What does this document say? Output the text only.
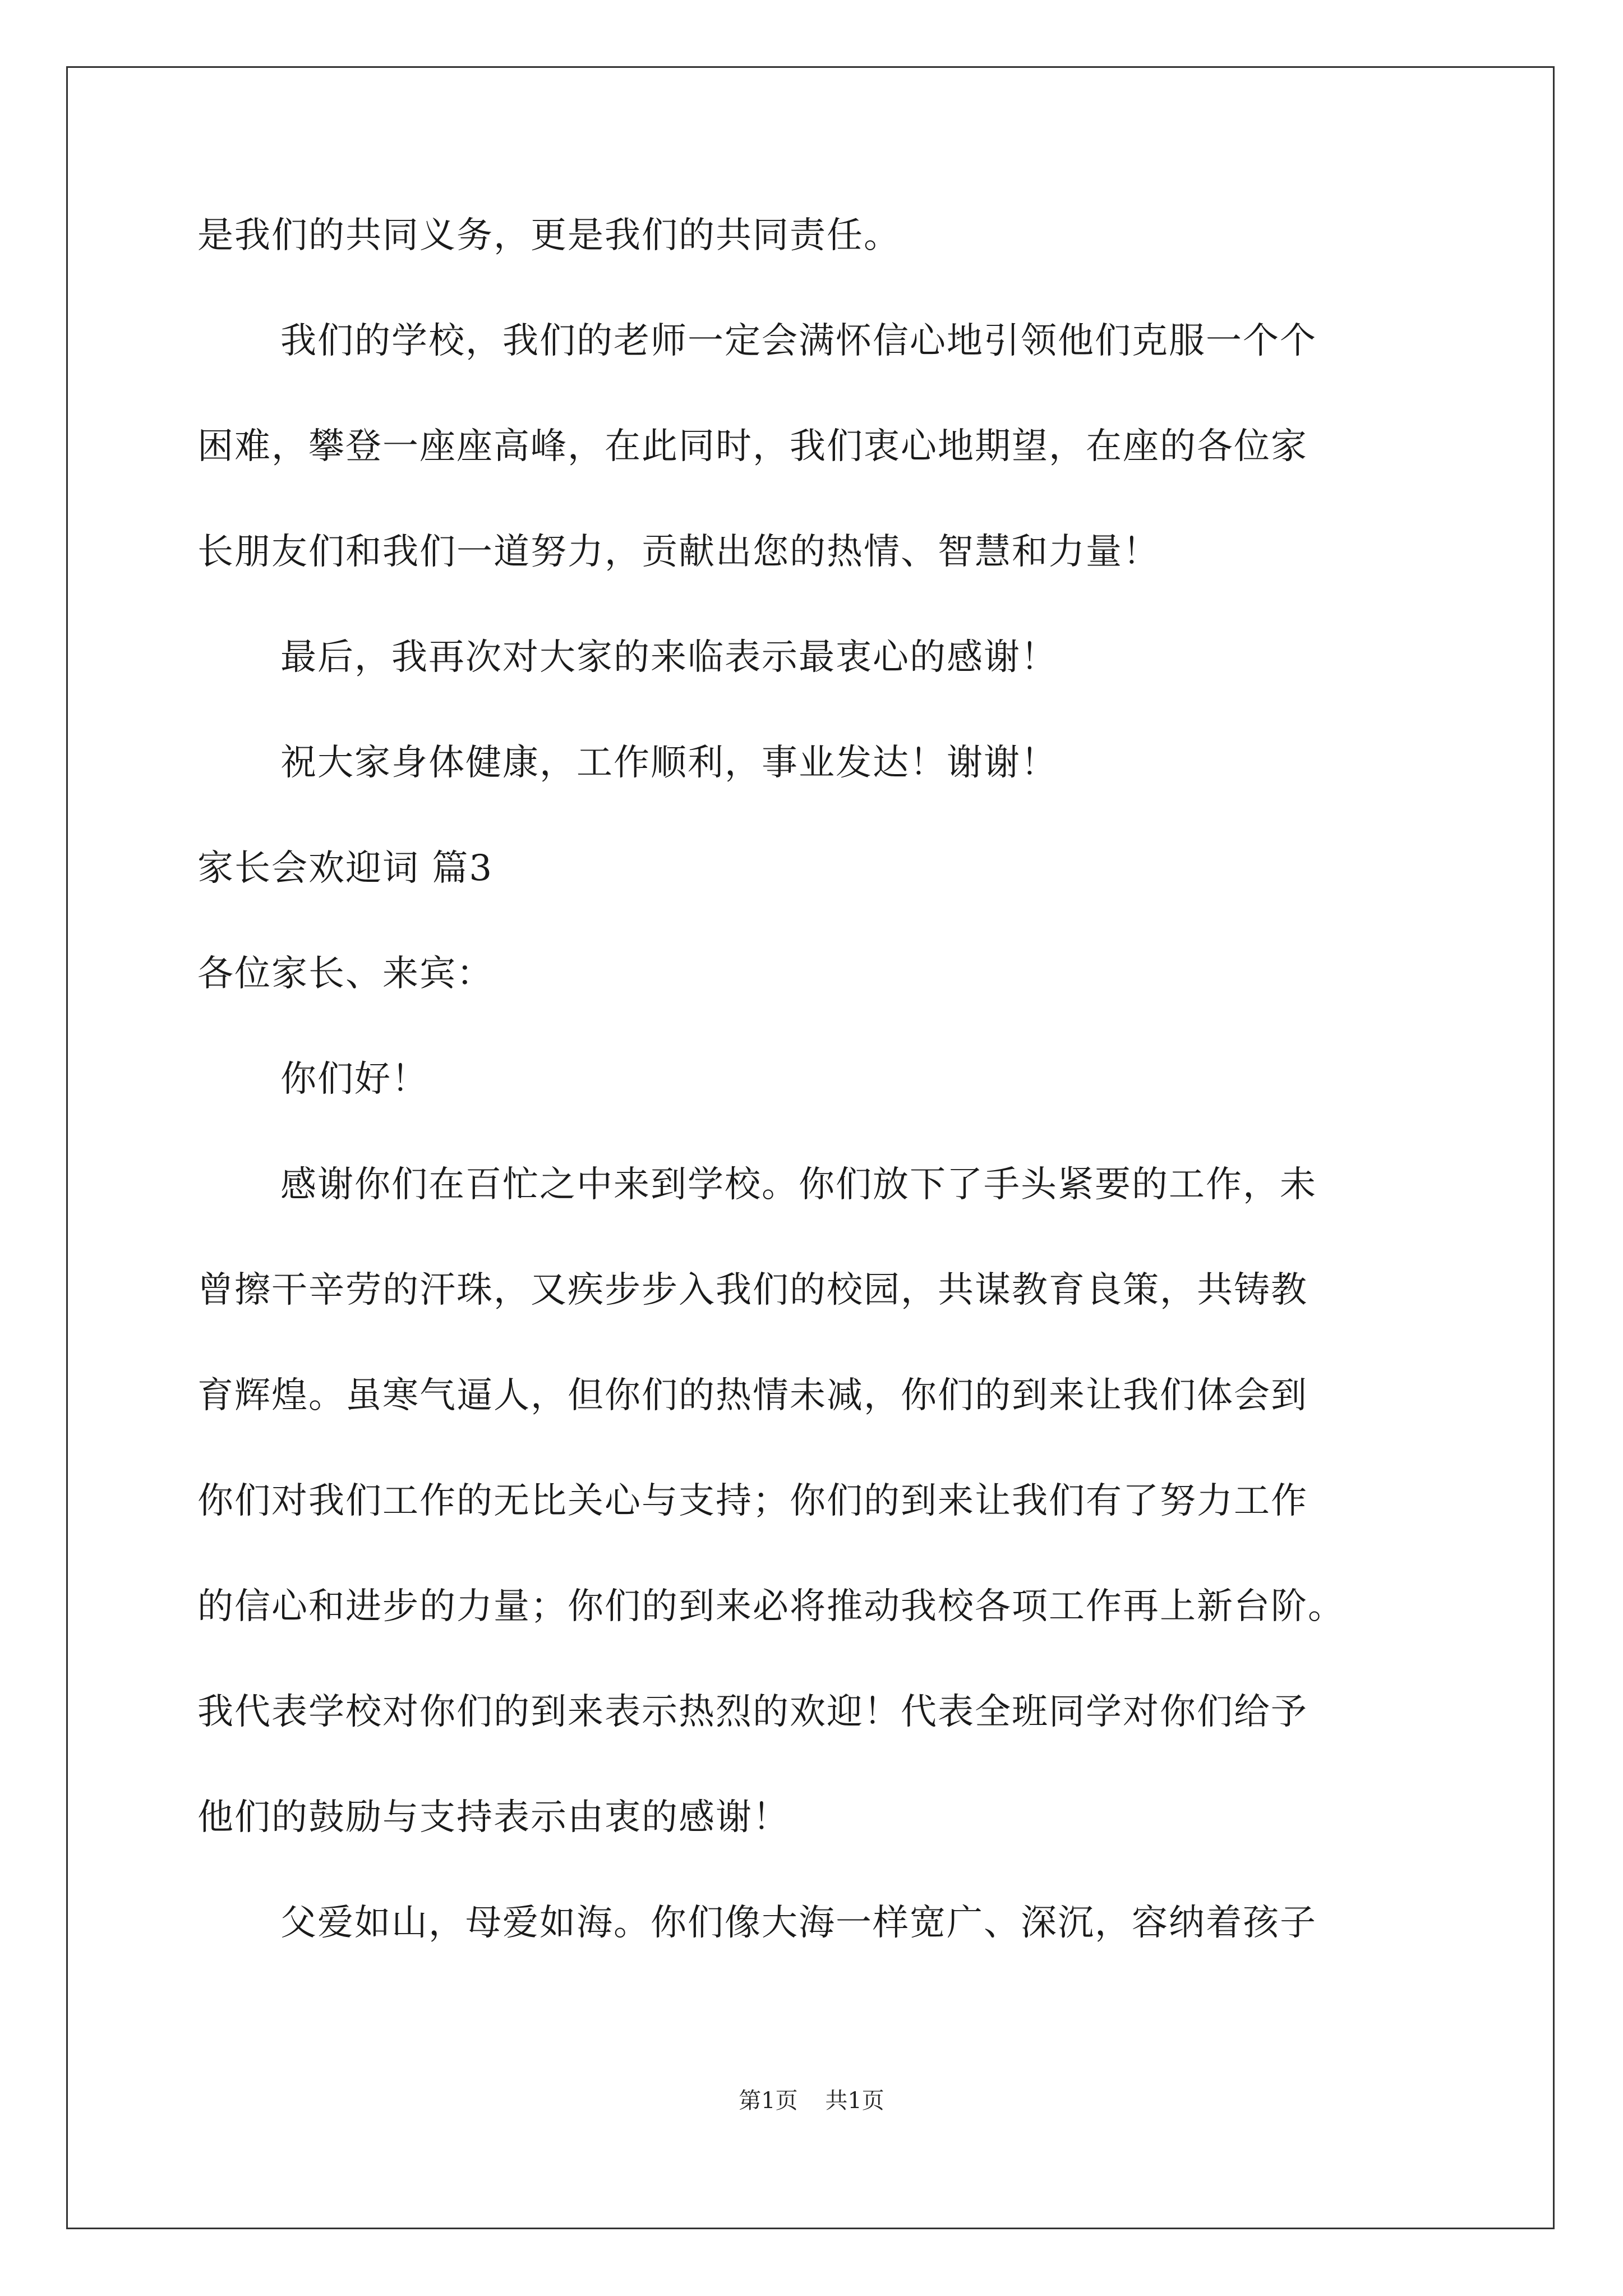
是我们的共同义务，更是我们的共同责任。
我们的学校，我们的老师一定会满怀信心地引领他们克服一个个
困难，攀登一座座高峰，在此同时，我们衷心地期望，在座的各位家
长朋友们和我们一道努力，贡献出您的热情、智慧和力量！
最后，我再次对大家的来临表示最衷心的感谢！
祝大家身体健康，工作顺利，事业发达！谢谢！
家长会欢迎词 篇3
各位家长、来宾：
你们好！
感谢你们在百忙之中来到学校。你们放下了手头紧要的工作，未
曾擦干辛劳的汗珠，又疾步步入我们的校园，共谋教育良策，共铸教
育辉煌。虽寒气逼人，但你们的热情未减，你们的到来让我们体会到
你们对我们工作的无比关心与支持；你们的到来让我们有了努力工作
的信心和进步的力量；你们的到来必将推动我校各项工作再上新台阶。
我代表学校对你们的到来表示热烈的欢迎！代表全班同学对你们给予
他们的鼓励与支持表示由衷的感谢！
父爱如山，母爱如海。你们像大海一样宽广、深沉，容纳着孩子
第1页 共1页
